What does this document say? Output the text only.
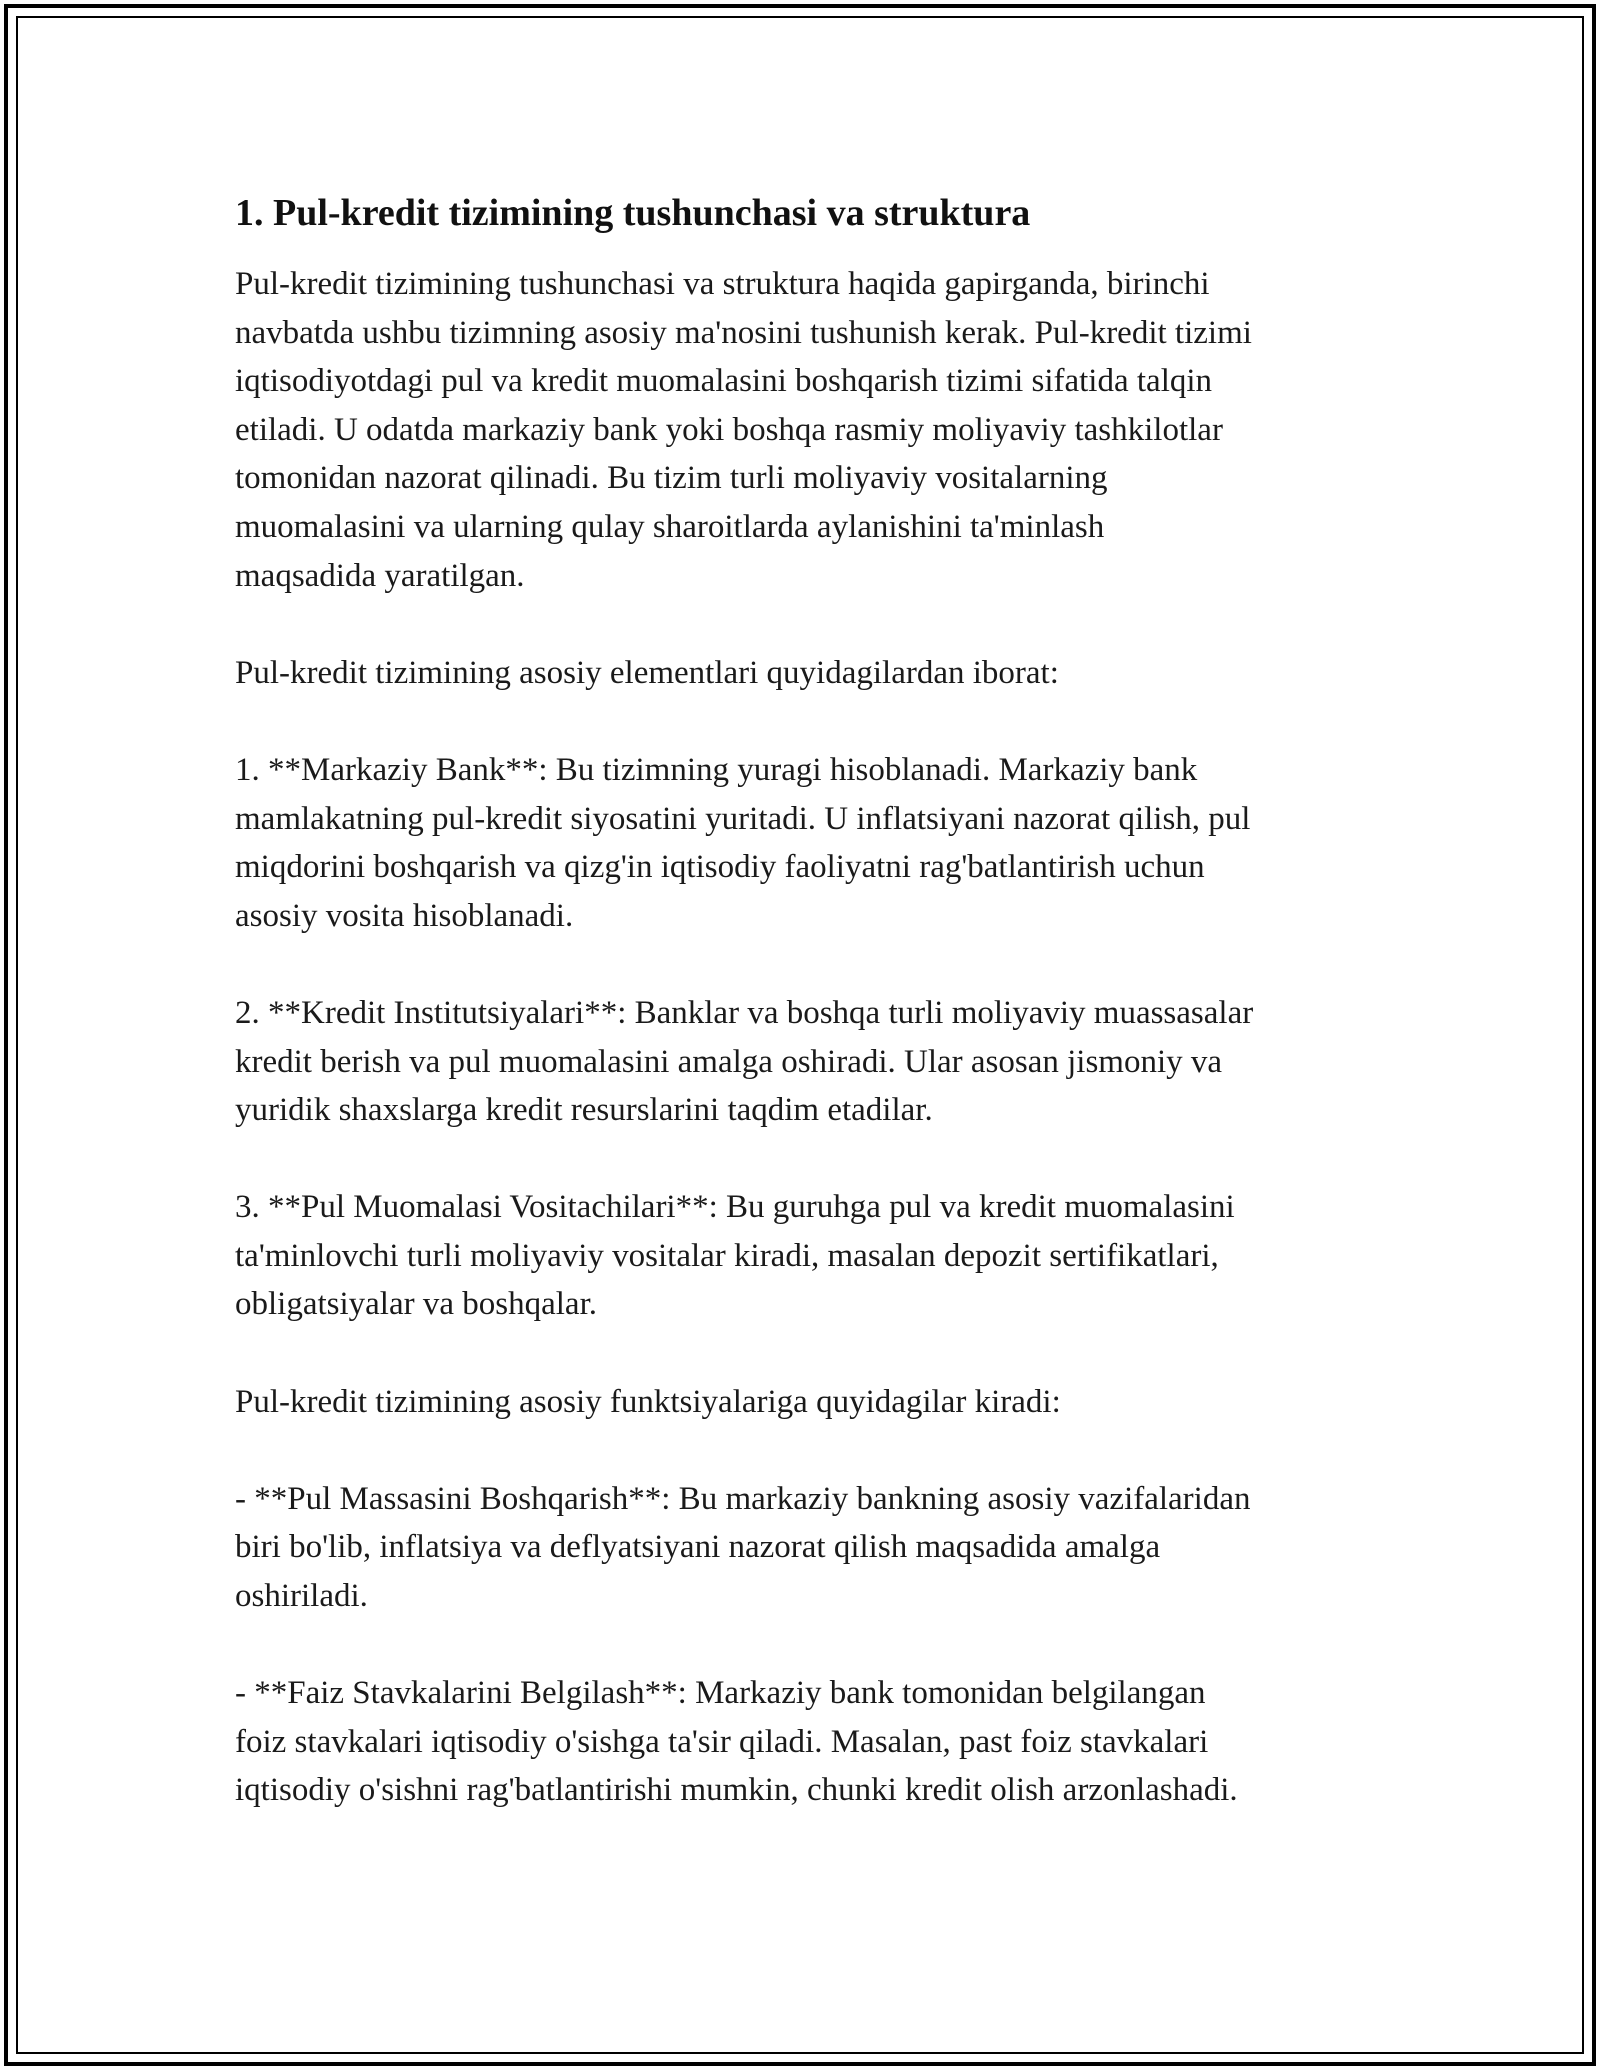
1. Pul-kredit tizimining tushunchasi va struktura

Pul-kredit tizimining tushunchasi va struktura haqida gapirganda, birinchi
navbatda ushbu tizimning asosiy ma'nosini tushunish kerak. Pul-kredit tizimi
iqtisodiyotdagi pul va kredit muomalasini boshqarish tizimi sifatida talqin
etiladi. U odatda markaziy bank yoki boshqa rasmiy moliyaviy tashkilotlar
tomonidan nazorat qilinadi. Bu tizim turli moliyaviy vositalarning
muomalasini va ularning qulay sharoitlarda aylanishini ta'minlash
maqsadida yaratilgan.

Pul-kredit tizimining asosiy elementlari quyidagilardan iborat:

1. **Markaziy Bank**: Bu tizimning yuragi hisoblanadi. Markaziy bank
mamlakatning pul-kredit siyosatini yuritadi. U inflatsiyani nazorat qilish, pul
miqdorini boshqarish va qizg'in iqtisodiy faoliyatni rag'batlantirish uchun
asosiy vosita hisoblanadi.

2. **Kredit Institutsiyalari**: Banklar va boshqa turli moliyaviy muassasalar
kredit berish va pul muomalasini amalga oshiradi. Ular asosan jismoniy va
yuridik shaxslarga kredit resurslarini taqdim etadilar.

3. **Pul Muomalasi Vositachilari**: Bu guruhga pul va kredit muomalasini
ta'minlovchi turli moliyaviy vositalar kiradi, masalan depozit sertifikatlari,
obligatsiyalar va boshqalar.

Pul-kredit tizimining asosiy funktsiyalariga quyidagilar kiradi:

- **Pul Massasini Boshqarish**: Bu markaziy bankning asosiy vazifalaridan
biri bo'lib, inflatsiya va deflyatsiyani nazorat qilish maqsadida amalga
oshiriladi.

- **Faiz Stavkalarini Belgilash**: Markaziy bank tomonidan belgilangan
foiz stavkalari iqtisodiy o'sishga ta'sir qiladi. Masalan, past foiz stavkalari
iqtisodiy o'sishni rag'batlantirishi mumkin, chunki kredit olish arzonlashadi.
